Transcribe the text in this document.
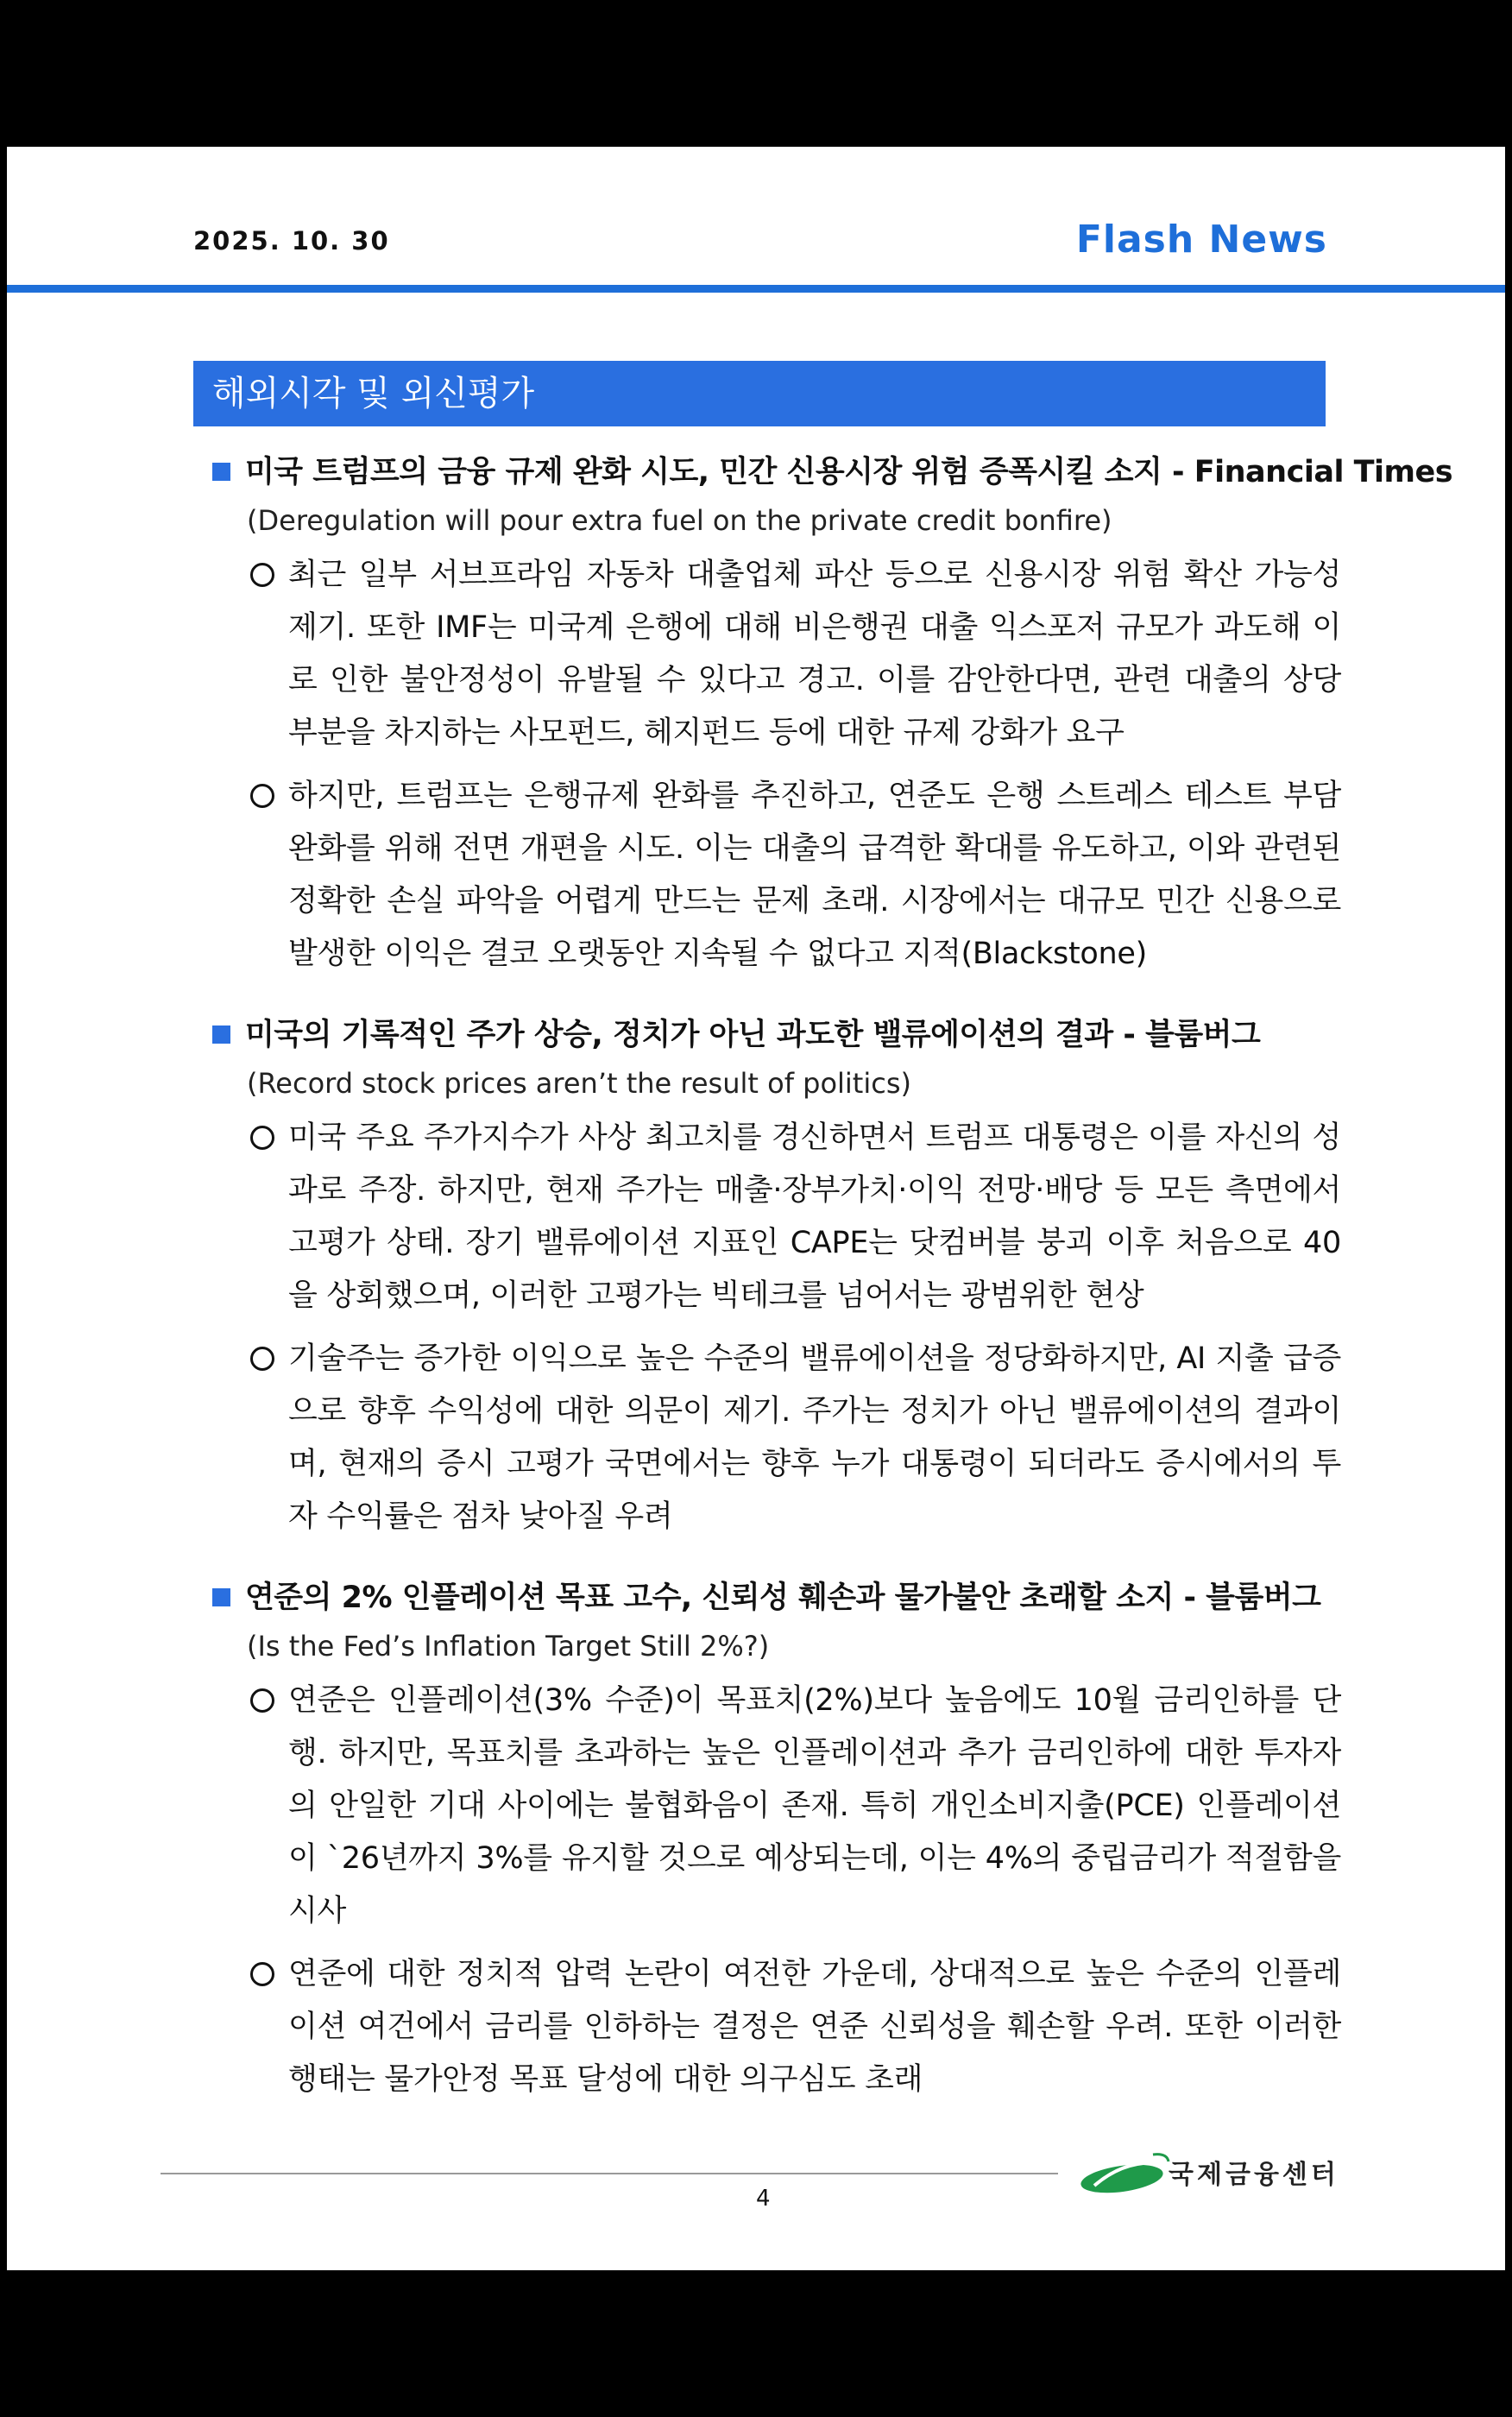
2025. 10. 30	Flash News
해외시각 및 외신평가
미국 트럼프의 금융 규제 완화 시도, 민간 신용시장 위험 증폭시킬 소지 - Financial Times
(Deregulation will pour extra fuel on the private credit bonfire)
최근 일부 서브프라임 자동차 대출업체 파산 등으로 신용시장 위험 확산 가능성 제기. 또한 IMF는 미국계 은행에 대해 비은행권 대출 익스포저 규모가 과도해 이로 인한 불안정성이 유발될 수 있다고 경고. 이를 감안한다면, 관련 대출의 상당 부분을 차지하는 사모펀드, 헤지펀드 등에 대한 규제 강화가 요구
하지만, 트럼프는 은행규제 완화를 추진하고, 연준도 은행 스트레스 테스트 부담 완화를 위해 전면 개편을 시도. 이는 대출의 급격한 확대를 유도하고, 이와 관련된 정확한 손실 파악을 어렵게 만드는 문제 초래. 시장에서는 대규모 민간 신용으로 발생한 이익은 결코 오랫동안 지속될 수 없다고 지적(Blackstone)
미국의 기록적인 주가 상승, 정치가 아닌 과도한 밸류에이션의 결과 - 블룸버그
(Record stock prices aren’t the result of politics)
미국 주요 주가지수가 사상 최고치를 경신하면서 트럼프 대통령은 이를 자신의 성과로 주장. 하지만, 현재 주가는 매출·장부가치·이익 전망·배당 등 모든 측면에서 고평가 상태. 장기 밸류에이션 지표인 CAPE는 닷컴버블 붕괴 이후 처음으로 40을 상회했으며, 이러한 고평가는 빅테크를 넘어서는 광범위한 현상
기술주는 증가한 이익으로 높은 수준의 밸류에이션을 정당화하지만, AI 지출 급증으로 향후 수익성에 대한 의문이 제기. 주가는 정치가 아닌 밸류에이션의 결과이며, 현재의 증시 고평가 국면에서는 향후 누가 대통령이 되더라도 증시에서의 투자 수익률은 점차 낮아질 우려
연준의 2% 인플레이션 목표 고수, 신뢰성 훼손과 물가불안 초래할 소지 - 블룸버그
(Is the Fed’s Inflation Target Still 2%?)
연준은 인플레이션(3% 수준)이 목표치(2%)보다 높음에도 10월 금리인하를 단행. 하지만, 목표치를 초과하는 높은 인플레이션과 추가 금리인하에 대한 투자자의 안일한 기대 사이에는 불협화음이 존재. 특히 개인소비지출(PCE) 인플레이션이 `26년까지 3%를 유지할 것으로 예상되는데, 이는 4%의 중립금리가 적절함을 시사
연준에 대한 정치적 압력 논란이 여전한 가운데, 상대적으로 높은 수준의 인플레이션 여건에서 금리를 인하하는 결정은 연준 신뢰성을 훼손할 우려. 또한 이러한 행태는 물가안정 목표 달성에 대한 의구심도 초래
4
국제금융센터
